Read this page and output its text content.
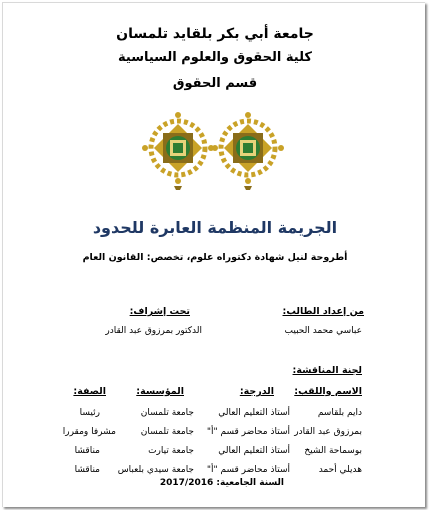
جامعة أبي بكر بلقايد تلمسان
كلية الحقوق والعلوم السياسية
قسم الحقوق
الجريمة المنظمة العابرة للحدود
أطروحة لنيل شهادة دكتوراه علوم، تخصص: القانون العام
من إعداد الطالب:
عباسي محمد الحبيب
تحت إشراف:
الدكتور بمرزوق عبد القادر
لجنة المناقشة:
الاسم واللقب:
الدرجة:
المؤسسة:
الصفة:
دايم بلقاسم
أستاذ التعليم العالي
جامعة تلمسان
رئيسا
بمرزوق عبد القادر
أستاذ محاضر قسم "أ"
جامعة تلمسان
مشرفا ومقررا
بوسماحة الشيخ
أستاذ التعليم العالي
جامعة تيارت
مناقشا
هديلي أحمد
أستاذ محاضر قسم "أ"
جامعة سيدي بلعباس
مناقشا
السنة الجامعية: 2017/2016
